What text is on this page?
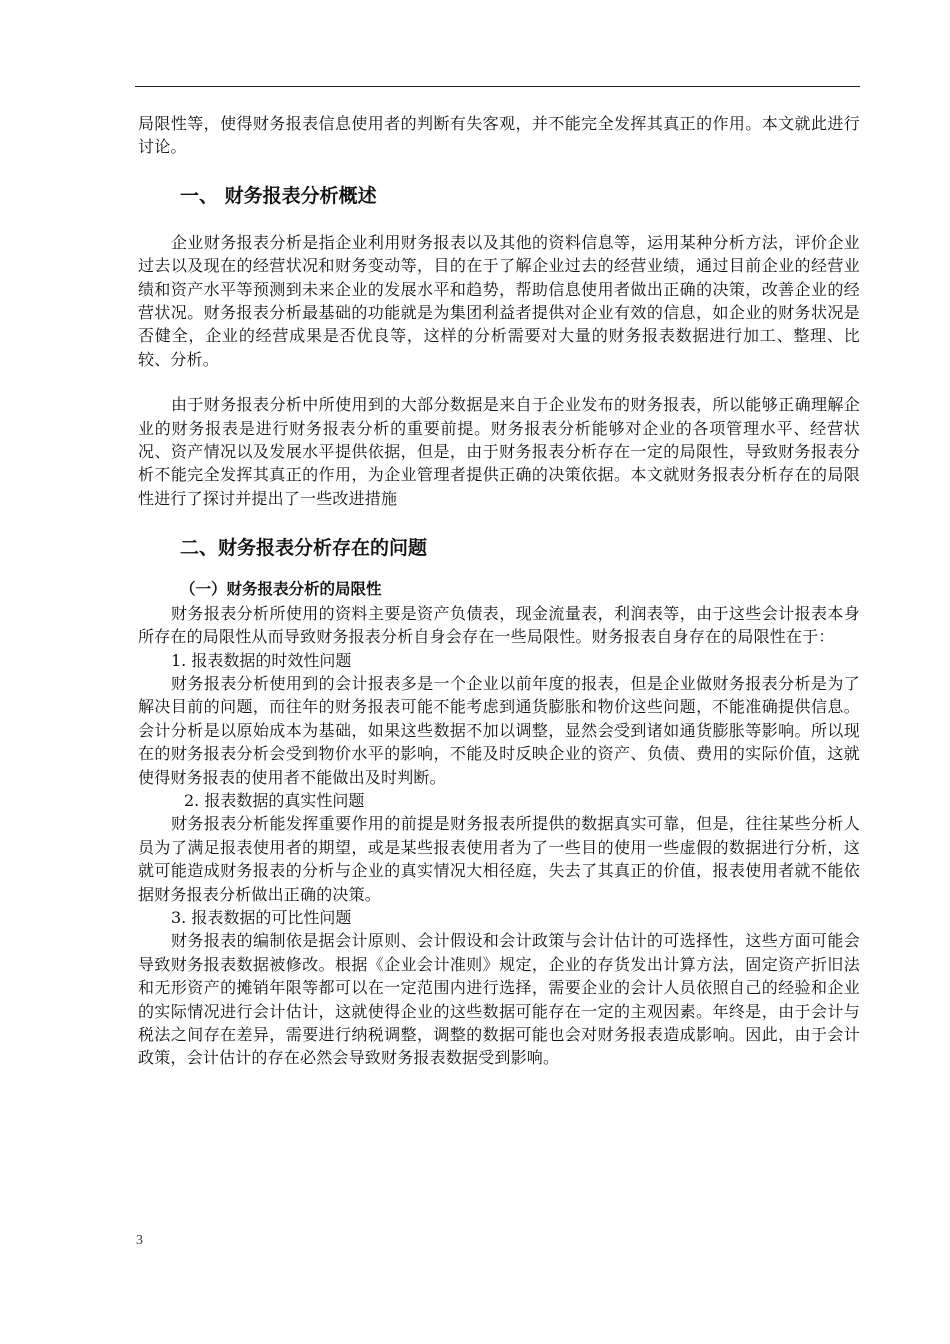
局限性等，使得财务报表信息使用者的判断有失客观，并不能完全发挥其真正的作用。本文就此进行讨论。

一、 财务报表分析概述

企业财务报表分析是指企业利用财务报表以及其他的资料信息等，运用某种分析方法，评价企业过去以及现在的经营状况和财务变动等，目的在于了解企业过去的经营业绩，通过目前企业的经营业绩和资产水平等预测到未来企业的发展水平和趋势，帮助信息使用者做出正确的决策，改善企业的经营状况。财务报表分析最基础的功能就是为集团利益者提供对企业有效的信息，如企业的财务状况是否健全，企业的经营成果是否优良等，这样的分析需要对大量的财务报表数据进行加工、整理、比较、分析。

由于财务报表分析中所使用到的大部分数据是来自于企业发布的财务报表，所以能够正确理解企业的财务报表是进行财务报表分析的重要前提。财务报表分析能够对企业的各项管理水平、经营状况、资产情况以及发展水平提供依据，但是，由于财务报表分析存在一定的局限性，导致财务报表分析不能完全发挥其真正的作用，为企业管理者提供正确的决策依据。本文就财务报表分析存在的局限性进行了探讨并提出了一些改进措施

二、财务报表分析存在的问题
（一）财务报表分析的局限性

财务报表分析所使用的资料主要是资产负债表，现金流量表，利润表等，由于这些会计报表本身所存在的局限性从而导致财务报表分析自身会存在一些局限性。财务报表自身存在的局限性在于：

1. 报表数据的时效性问题

财务报表分析使用到的会计报表多是一个企业以前年度的报表，但是企业做财务报表分析是为了解决目前的问题，而往年的财务报表可能不能考虑到通货膨胀和物价这些问题，不能准确提供信息。会计分析是以原始成本为基础，如果这些数据不加以调整，显然会受到诸如通货膨胀等影响。所以现在的财务报表分析会受到物价水平的影响，不能及时反映企业的资产、负债、费用的实际价值，这就使得财务报表的使用者不能做出及时判断。

2. 报表数据的真实性问题

财务报表分析能发挥重要作用的前提是财务报表所提供的数据真实可靠，但是，往往某些分析人员为了满足报表使用者的期望，或是某些报表使用者为了一些目的使用一些虚假的数据进行分析，这就可能造成财务报表的分析与企业的真实情况大相径庭，失去了其真正的价值，报表使用者就不能依据财务报表分析做出正确的决策。

3. 报表数据的可比性问题

财务报表的编制依是据会计原则、会计假设和会计政策与会计估计的可选择性，这些方面可能会导致财务报表数据被修改。根据《企业会计准则》规定，企业的存货发出计算方法，固定资产折旧法和无形资产的摊销年限等都可以在一定范围内进行选择，需要企业的会计人员依照自己的经验和企业的实际情况进行会计估计，这就使得企业的这些数据可能存在一定的主观因素。年终是，由于会计与税法之间存在差异，需要进行纳税调整，调整的数据可能也会对财务报表造成影响。因此，由于会计政策，会计估计的存在必然会导致财务报表数据受到影响。

3
